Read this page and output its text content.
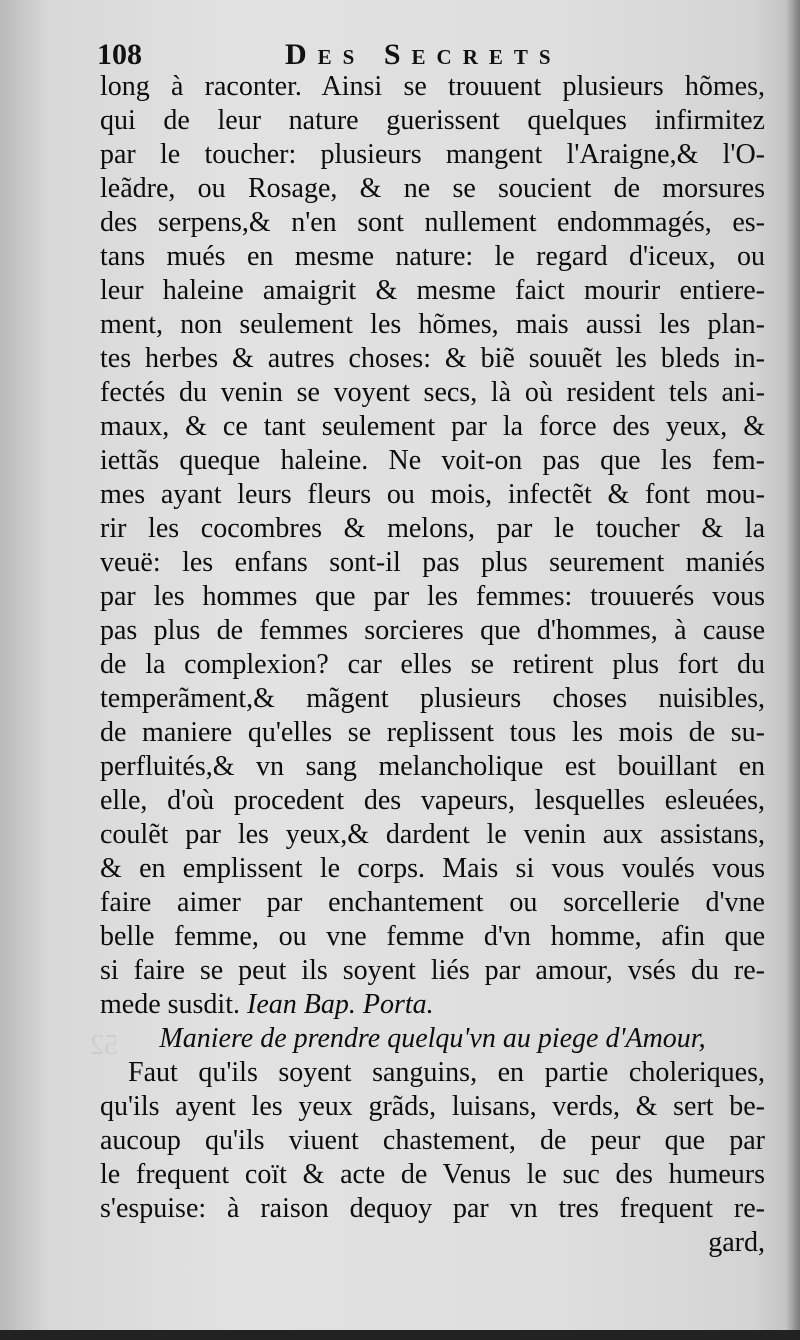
52
108	Des Secrets
long à raconter. Ainsi se trouuent plusieurs hõmes,
qui de leur nature guerissent quelques infirmitez
par le toucher: plusieurs mangent l'Araigne,& l'O-
leãdre, ou Rosage, & ne se soucient de morsures
des serpens,& n'en sont nullement endommagés, es-
tans mués en mesme nature: le regard d'iceux, ou
leur haleine amaigrit & mesme faict mourir entiere-
ment, non seulement les hõmes, mais aussi les plan-
tes herbes & autres choses: & biẽ souuẽt les bleds in-
fectés du venin se voyent secs, là où resident tels ani-
maux, & ce tant seulement par la force des yeux, &
iettãs queque haleine. Ne voit-on pas que les fem-
mes ayant leurs fleurs ou mois, infectẽt & font mou-
rir les cocombres & melons, par le toucher & la
veuë: les enfans sont-il pas plus seurement maniés
par les hommes que par les femmes: trouuerés vous
pas plus de femmes sorcieres que d'hommes, à cause
de la complexion? car elles se retirent plus fort du
temperãment,& mãgent plusieurs choses nuisibles,
de maniere qu'elles se replissent tous les mois de su-
perfluités,& vn sang melancholique est bouillant en
elle, d'où procedent des vapeurs, lesquelles esleuées,
coulẽt par les yeux,& dardent le venin aux assistans,
& en emplissent le corps. Mais si vous voulés vous
faire aimer par enchantement ou sorcellerie d'vne
belle femme, ou vne femme d'vn homme, afin que
si faire se peut ils soyent liés par amour, vsés du re-
mede susdit. Iean Bap. Porta.
Maniere de prendre quelqu'vn au piege d'Amour,
Faut qu'ils soyent sanguins, en partie choleriques,
qu'ils ayent les yeux grãds, luisans, verds, & sert be-
aucoup qu'ils viuent chastement, de peur que par
le frequent coït & acte de Venus le suc des humeurs
s'espuise: à raison dequoy par vn tres frequent re-
gard,
